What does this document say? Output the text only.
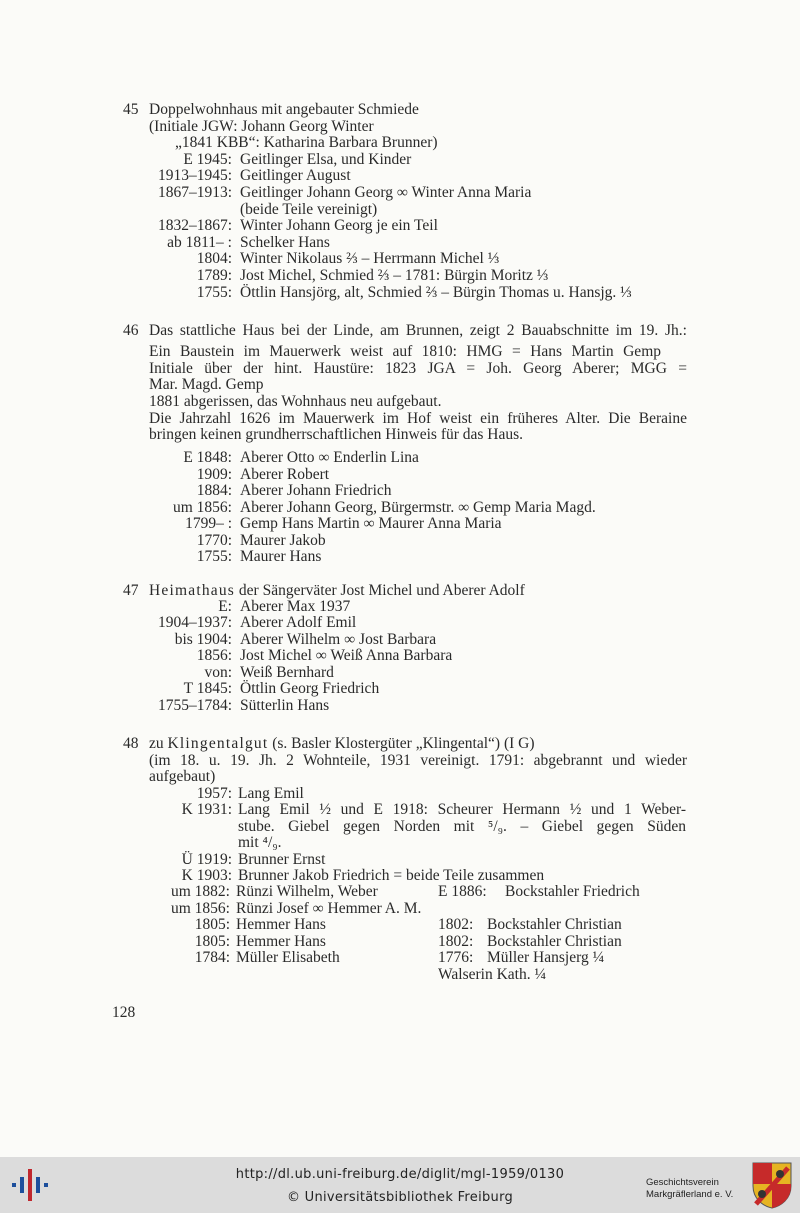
45 Doppelwohnhaus mit angebauter Schmiede
(Initiale JGW: Johann Georg Winter
„1841 KBB“: Katharina Barbara Brunner)
E 1945: Geitlinger Elsa, und Kinder
1913–1945: Geitlinger August
1867–1913: Geitlinger Johann Georg ∞ Winter Anna Maria
(beide Teile vereinigt)
1832–1867: Winter Johann Georg je ein Teil
ab 1811– : Schelker Hans
1804: Winter Nikolaus ⅔ – Herrmann Michel ⅓
1789: Jost Michel, Schmied ⅔ – 1781: Bürgin Moritz ⅓
1755: Öttlin Hansjörg, alt, Schmied ⅔ – Bürgin Thomas u. Hansjg. ⅓
46 Das stattliche Haus bei der Linde, am Brunnen, zeigt 2 Bauabschnitte im 19. Jh.:
Ein Baustein im Mauerwerk weist auf 1810: HMG = Hans Martin Gemp
Initiale über der hint. Haustüre: 1823 JGA = Joh. Georg Aberer; MGG =
Mar. Magd. Gemp
1881 abgerissen, das Wohnhaus neu aufgebaut.
Die Jahrzahl 1626 im Mauerwerk im Hof weist ein früheres Alter. Die Beraine
bringen keinen grundherrschaftlichen Hinweis für das Haus.
E 1848: Aberer Otto ∞ Enderlin Lina
1909: Aberer Robert
1884: Aberer Johann Friedrich
um 1856: Aberer Johann Georg, Bürgermstr. ∞ Gemp Maria Magd.
1799– : Gemp Hans Martin ∞ Maurer Anna Maria
1770: Maurer Jakob
1755: Maurer Hans
47 Heimathaus der Sängerväter Jost Michel und Aberer Adolf
E: Aberer Max 1937
1904–1937: Aberer Adolf Emil
bis 1904: Aberer Wilhelm ∞ Jost Barbara
1856: Jost Michel ∞ Weiß Anna Barbara
von: Weiß Bernhard
T 1845: Öttlin Georg Friedrich
1755–1784: Sütterlin Hans
48 zu Klingentalgut (s. Basler Klostergüter „Klingental“) (I G)
(im 18. u. 19. Jh. 2 Wohnteile, 1931 vereinigt. 1791: abgebrannt und wieder
aufgebaut)
1957: Lang Emil
K 1931: Lang Emil ½ und E 1918: Scheurer Hermann ½ und 1 Weber-
stube. Giebel gegen Norden mit ⁵/₉. – Giebel gegen Süden
mit ⁴/₉.
Ü 1919: Brunner Ernst
K 1903: Brunner Jakob Friedrich = beide Teile zusammen
um 1882: Rünzi Wilhelm, Weber	E 1886: Bockstahler Friedrich
um 1856: Rünzi Josef ∞ Hemmer A. M.
1805: Hemmer Hans	1802: Bockstahler Christian
1805: Hemmer Hans	1802: Bockstahler Christian
1784: Müller Elisabeth	1776: Müller Hansjerg ¼
Walserin Kath. ¼
128
http://dl.ub.uni-freiburg.de/diglit/mgl-1959/0130
© Universitätsbibliothek Freiburg
Geschichtsverein
Markgräflerland e. V.
